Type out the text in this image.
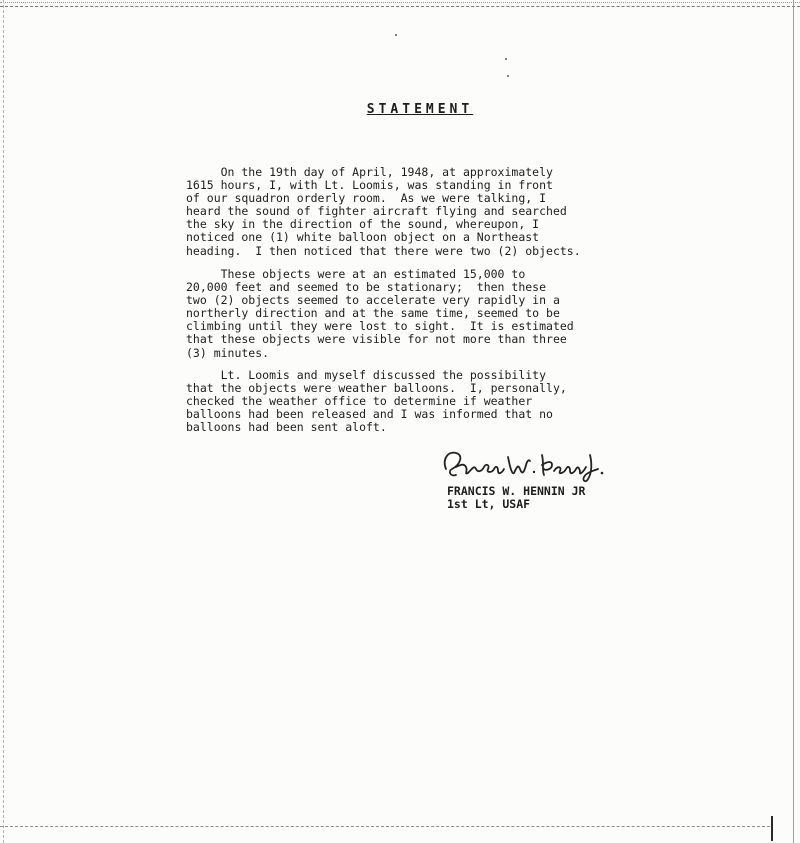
STATEMENT
On the 19th day of April, 1948, at approximately
1615 hours, I, with Lt. Loomis, was standing in front
of our squadron orderly room.  As we were talking, I
heard the sound of fighter aircraft flying and searched
the sky in the direction of the sound, whereupon, I
noticed one (1) white balloon object on a Northeast
heading.  I then noticed that there were two (2) objects.
These objects were at an estimated 15,000 to
20,000 feet and seemed to be stationary;  then these
two (2) objects seemed to accelerate very rapidly in a
northerly direction and at the same time, seemed to be
climbing until they were lost to sight.  It is estimated
that these objects were visible for not more than three
(3) minutes.
Lt. Loomis and myself discussed the possibility
that the objects were weather balloons.  I, personally,
checked the weather office to determine if weather
balloons had been released and I was informed that no
balloons had been sent aloft.
FRANCIS W. HENNIN JR
1st Lt, USAF
